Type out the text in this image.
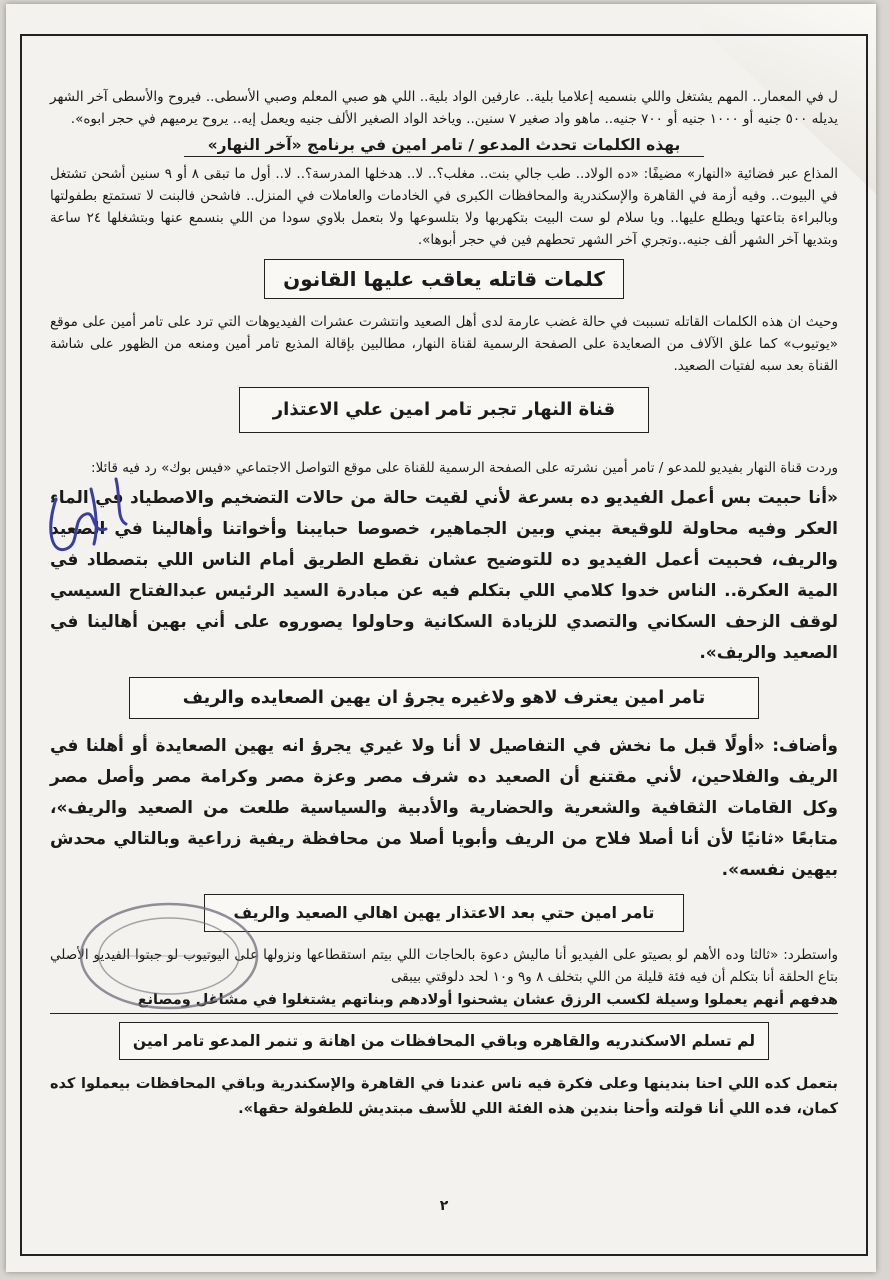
ل في المعمار.. المهم يشتغل واللي بنسميه إعلاميا بلية.. عارفين الواد بلية.. اللي هو صبي المعلم وصبي الأسطى.. فيروح والأسطى آخر الشهر يديله ٥٠٠ جنيه أو ١٠٠٠ جنيه أو ٧٠٠ جنيه.. ماهو واد صغير ٧ سنين.. وياخد الواد الصغير الألف جنيه ويعمل إيه.. يروح يرميهم في حجر ابوه».

بهذه الكلمات تحدث المدعو / تامر امين في برنامج «آخر النهار»

المذاع عبر فضائية «النهار» مضيفًا: «ده الولاد.. طب جالي بنت.. مغلب؟.. لا.. هدخلها المدرسة؟.. لا.. أول ما تبقى ٨ أو ٩ سنين أشحن تشتغل في البيوت.. وفيه أزمة في القاهرة والإسكندرية والمحافظات الكبرى في الخادمات والعاملات في المنزل.. فاشحن فالبنت لا تستمتع بطفولتها وبالبراءة بتاعتها ويطلع عليها.. ويا سلام لو ست البيت بتكهربها ولا بتلسوعها ولا بتعمل بلاوي سودا من اللي بنسمع عنها وبتشغلها ٢٤ ساعة وبتديها آخر الشهر ألف جنيه..وتجري آخر الشهر تحطهم فين في حجر أبوها».

كلمات قاتله يعاقب عليها القانون

وحيث ان هذه الكلمات القاتله تسببت في حالة غضب عارمة لدى أهل الصعيد وانتشرت عشرات الفيديوهات التي ترد على تامر أمين على موقع «يوتيوب» كما علق الآلاف من الصعايدة على الصفحة الرسمية لقناة النهار، مطالبين بإقالة المذيع تامر أمين ومنعه من الظهور على شاشة القناة بعد سبه لفتيات الصعيد.

قناة النهار تجبر تامر امين علي الاعتذار

وردت قناة النهار بفيديو للمدعو / تامر أمين نشرته على الصفحة الرسمية للقناة على موقع التواصل الاجتماعي «فيس بوك» رد فيه قائلا:

«أنا حبيت بس أعمل الفيديو ده بسرعة لأني لقيت حالة من حالات التضخيم والاصطياد في الماء العكر وفيه محاولة للوقيعة بيني وبين الجماهير، خصوصا حبايبنا وأخواتنا وأهالينا في الصعيد والريف، فحبيت أعمل الفيديو ده للتوضيح عشان نقطع الطريق أمام الناس اللي بتصطاد في المية العكرة.. الناس خدوا كلامي اللي بتكلم فيه عن مبادرة السيد الرئيس عبدالفتاح السيسي لوقف الزحف السكاني والتصدي للزيادة السكانية وحاولوا يصوروه على أني بهين أهالينا في الصعيد والريف».

تامر امين يعترف لاهو ولاغيره يجرؤ ان يهين الصعايده والريف

وأضاف: «أولًا قبل ما نخش في التفاصيل لا أنا ولا غيري يجرؤ انه يهين الصعايدة أو أهلنا في الريف والفلاحين، لأني مقتنع أن الصعيد ده شرف مصر وعزة مصر وكرامة مصر وأصل مصر وكل القامات الثقافية والشعرية والحضارية والأدبية والسياسية طلعت من الصعيد والريف»، متابعًا «ثانيًا لأن أنا أصلا فلاح من الريف وأبويا أصلا من محافظة ريفية زراعية وبالتالي محدش بيهين نفسه».

تامر امين حتي بعد الاعتذار يهين اهالي الصعيد والريف

واستطرد: «ثالثا وده الأهم لو بصيتو على الفيديو أنا ماليش دعوة بالحاجات اللي بيتم استقطاعها ونزولها على اليوتيوب لو جبتوا الفيديو الأصلي بتاع الحلقة أنا بتكلم أن فيه فئة قليلة من اللي بتخلف ٨ و٩ و١٠ لحد دلوقتي بيبقى

هدفهم أنهم يعملوا وسيلة لكسب الرزق عشان يشحنوا أولادهم وبناتهم يشتغلوا في مشاغل ومصانع

لم تسلم الاسكندريه والقاهره وباقي المحافظات من اهانة و تنمر المدعو تامر امين

بتعمل كده اللي احنا بندينها وعلى فكرة فيه ناس عندنا في القاهرة والإسكندرية وباقي المحافظات بيعملوا كده كمان، فده اللي أنا قولته وأحنا بندين هذه الفئة اللي للأسف مبتديش للطفولة حقها».

٢
